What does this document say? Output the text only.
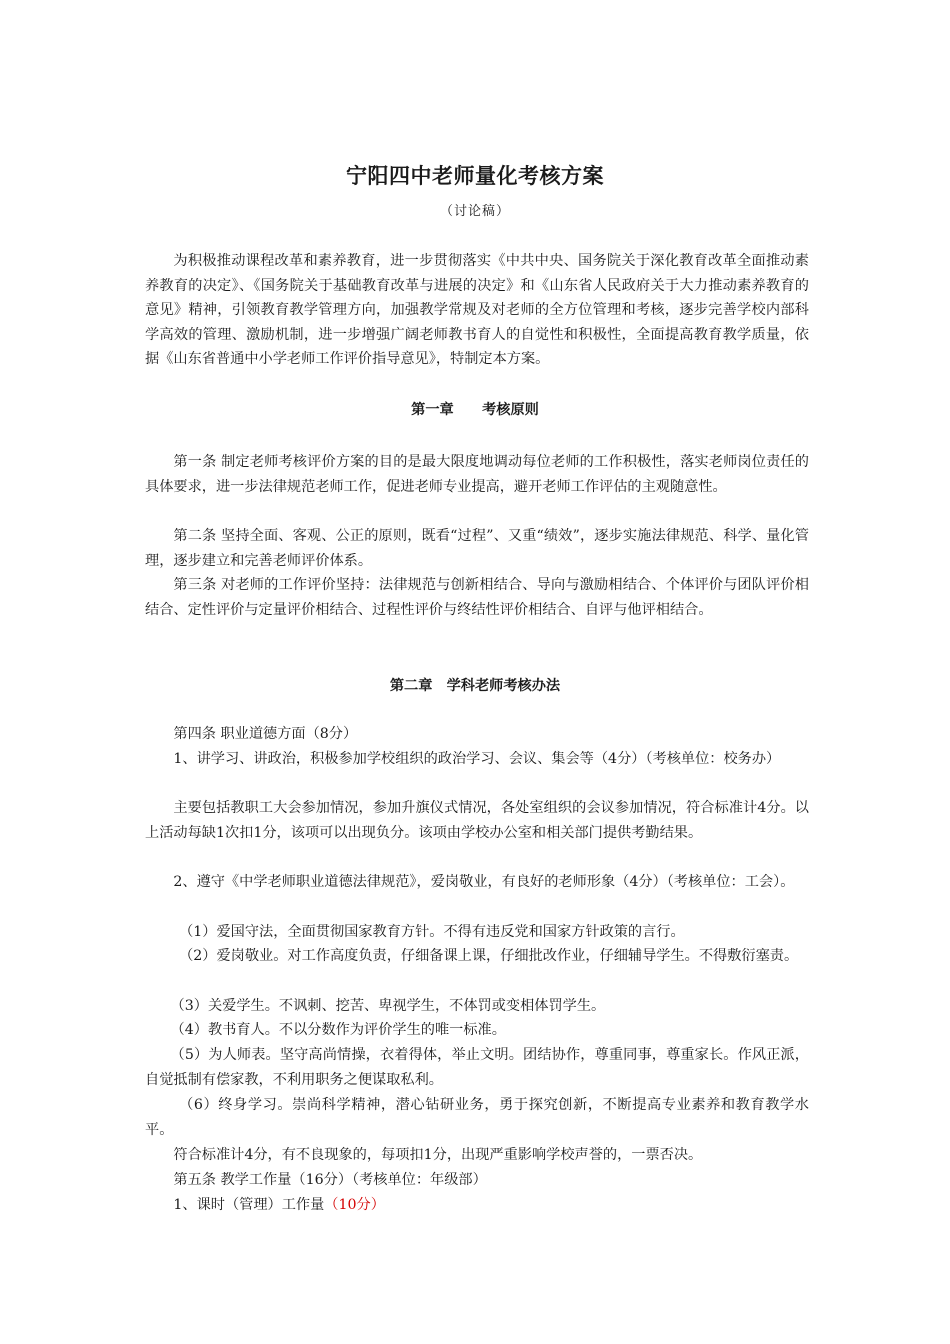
宁阳四中老师量化考核方案
（讨论稿）

为积极推动课程改革和素养教育，进一步贯彻落实《中共中央、国务院关于深化教育改革全面推动素养教育的决定》、《国务院关于基础教育改革与进展的决定》和《山东省人民政府关于大力推动素养教育的意见》精神，引领教育教学管理方向，加强教学常规及对老师的全方位管理和考核，逐步完善学校内部科学高效的管理、激励机制，进一步增强广阔老师教书育人的自觉性和积极性，全面提高教育教学质量，依据《山东省普通中小学老师工作评价指导意见》，特制定本方案。

第一章　　考核原则

第一条 制定老师考核评价方案的目的是最大限度地调动每位老师的工作积极性，落实老师岗位责任的具体要求，进一步法律规范老师工作，促进老师专业提高，避开老师工作评估的主观随意性。

第二条 坚持全面、客观、公正的原则，既看“过程”、又重“绩效”，逐步实施法律规范、科学、量化管理，逐步建立和完善老师评价体系。

第三条 对老师的工作评价坚持：法律规范与创新相结合、导向与激励相结合、个体评价与团队评价相结合、定性评价与定量评价相结合、过程性评价与终结性评价相结合、自评与他评相结合。

第二章　学科老师考核办法

第四条 职业道德方面（8分）

1、讲学习、讲政治，积极参加学校组织的政治学习、会议、集会等（4分）（考核单位：校务办）

主要包括教职工大会参加情况，参加升旗仪式情况，各处室组织的会议参加情况，符合标准计4分。以上活动每缺1次扣1分，该项可以出现负分。该项由学校办公室和相关部门提供考勤结果。

2、遵守《中学老师职业道德法律规范》，爱岗敬业，有良好的老师形象（4分）（考核单位：工会）。

（1）爱国守法，全面贯彻国家教育方针。不得有违反党和国家方针政策的言行。

（2）爱岗敬业。对工作高度负责，仔细备课上课，仔细批改作业，仔细辅导学生。不得敷衍塞责。

（3）关爱学生。不讽刺、挖苦、卑视学生，不体罚或变相体罚学生。

（4）教书育人。不以分数作为评价学生的唯一标准。

（5）为人师表。坚守高尚情操，衣着得体，举止文明。团结协作，尊重同事，尊重家长。作风正派，自觉抵制有偿家教，不利用职务之便谋取私利。

（6）终身学习。崇尚科学精神，潜心钻研业务，勇于探究创新，不断提高专业素养和教育教学水平。

符合标准计4分，有不良现象的，每项扣1分，出现严重影响学校声誉的，一票否决。

第五条 教学工作量（16分）（考核单位：年级部）

1、课时（管理）工作量（10分）
